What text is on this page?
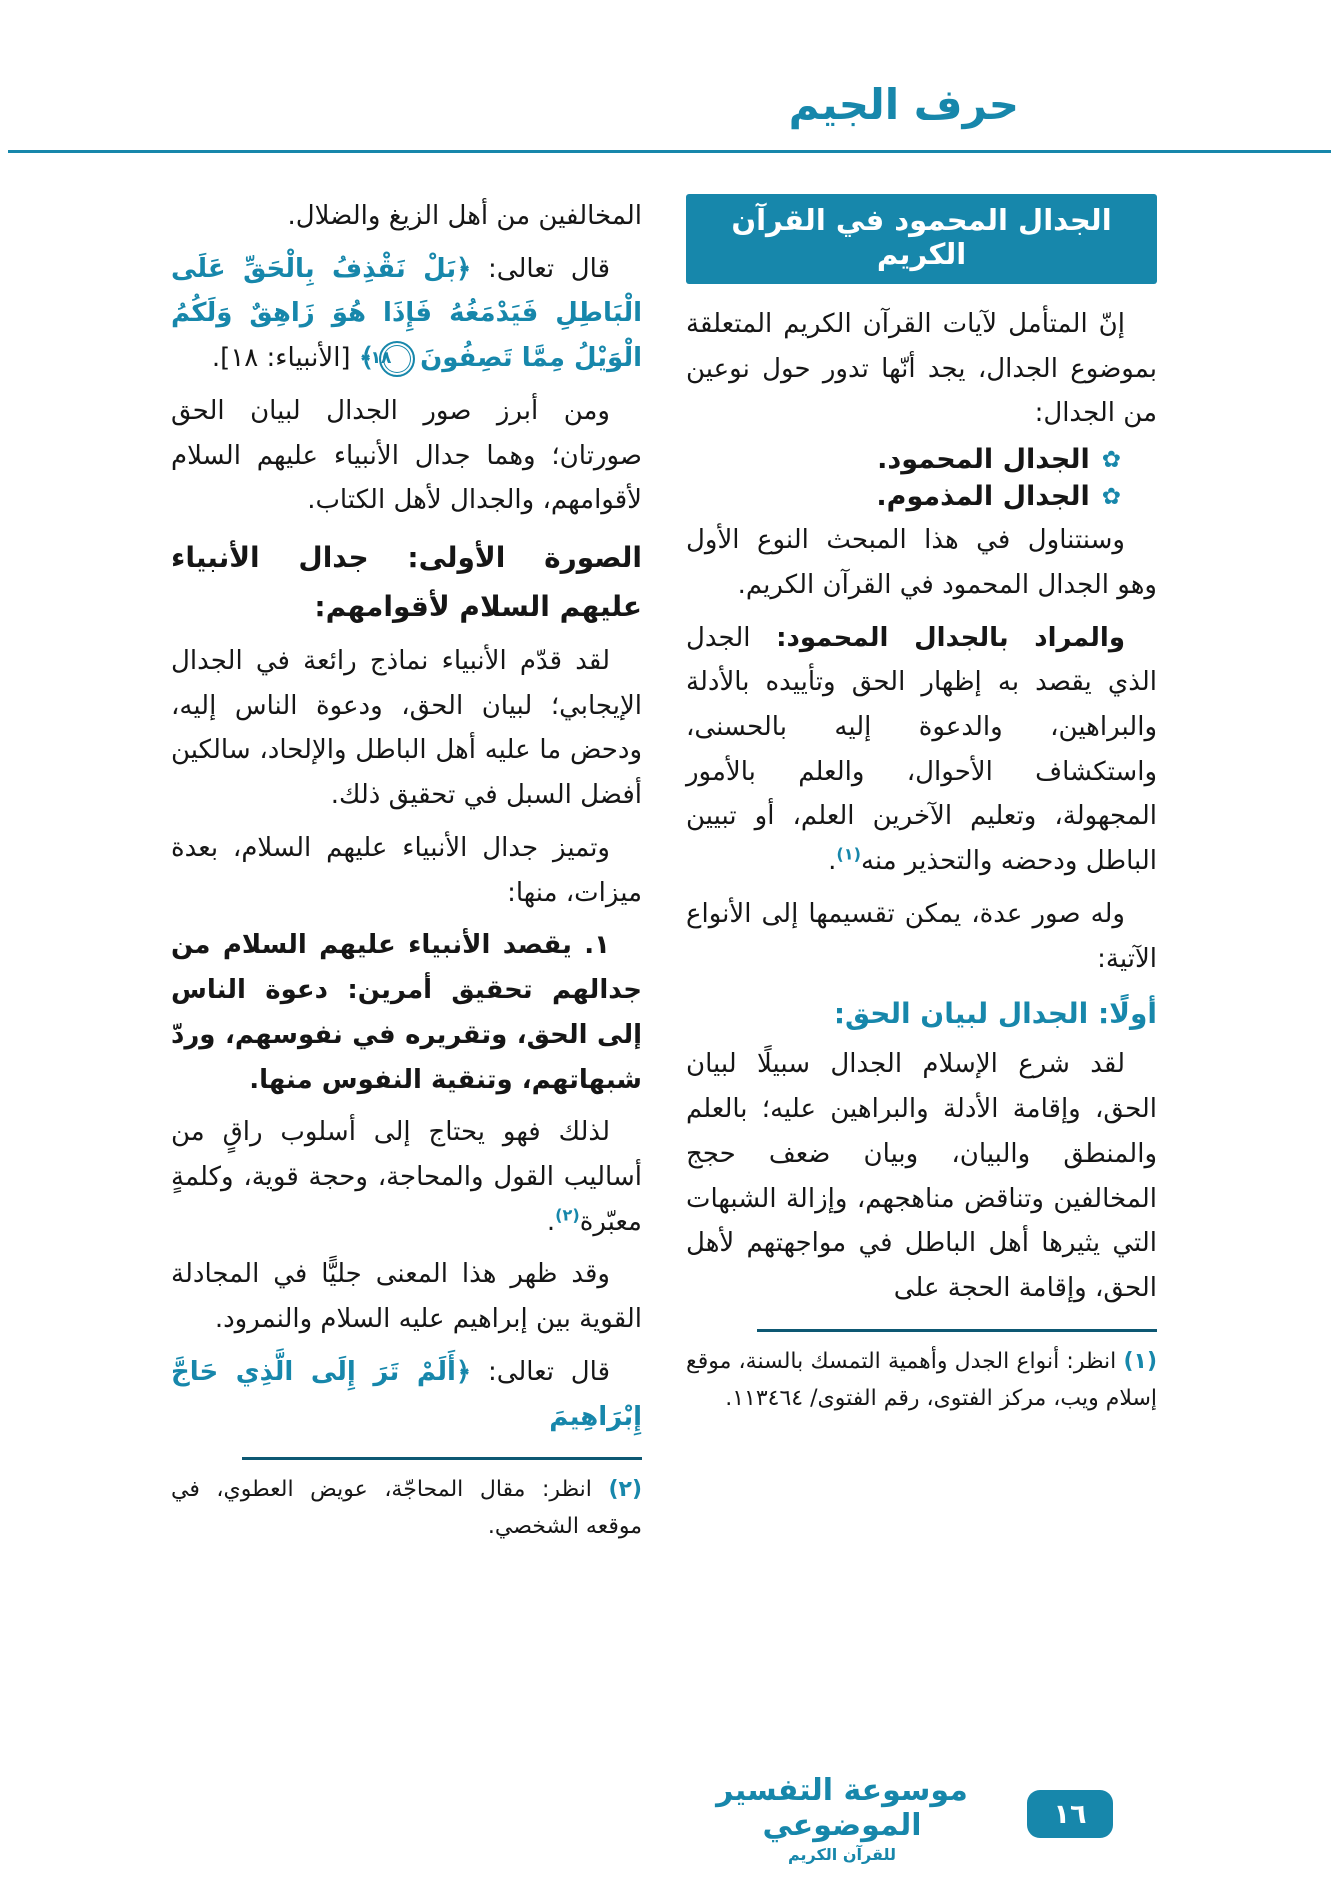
حرف الجيم
الجدال المحمود في القرآن الكريم

إنّ المتأمل لآيات القرآن الكريم المتعلقة بموضوع الجدال، يجد أنّها تدور حول نوعين من الجدال:

✿
الجدال المحمود.
✿
الجدال المذموم.

وسنتناول في هذا المبحث النوع الأول وهو الجدال المحمود في القرآن الكريم.

والمراد بالجدال المحمود: الجدل الذي يقصد به إظهار الحق وتأييده بالأدلة والبراهين، والدعوة إليه بالحسنى، واستكشاف الأحوال، والعلم بالأمور المجهولة، وتعليم الآخرين العلم، أو تبيين الباطل ودحضه والتحذير منه$^{(١)}$.

وله صور عدة، يمكن تقسيمها إلى الأنواع الآتية:

أولًا: الجدال لبيان الحق:

لقد شرع الإسلام الجدال سبيلًا لبيان الحق، وإقامة الأدلة والبراهين عليه؛ بالعلم والمنطق والبيان، وبيان ضعف حجج المخالفين وتناقض مناهجهم، وإزالة الشبهات التي يثيرها أهل الباطل في مواجهتهم لأهل الحق، وإقامة الحجة على

(١) انظر: أنواع الجدل وأهمية التمسك بالسنة، موقع إسلام ويب، مركز الفتوى، رقم الفتوى/ ١١٣٤٦٤.

المخالفين من أهل الزيغ والضلال.

قال تعالى: ﴿بَلْ نَقْذِفُ بِالْحَقِّ عَلَى الْبَاطِلِ فَيَدْمَغُهُ فَإِذَا هُوَ زَاهِقٌ وَلَكُمُ الْوَيْلُ مِمَّا تَصِفُونَ
١٨
﴾ [الأنبياء: ١٨].

ومن أبرز صور الجدال لبيان الحق صورتان؛ وهما جدال الأنبياء عليهم السلام لأقوامهم، والجدال لأهل الكتاب.

الصورة الأولى: جدال الأنبياء عليهم السلام لأقوامهم:

لقد قدّم الأنبياء نماذج رائعة في الجدال الإيجابي؛ لبيان الحق، ودعوة الناس إليه، ودحض ما عليه أهل الباطل والإلحاد، سالكين أفضل السبل في تحقيق ذلك.

وتميز جدال الأنبياء عليهم السلام، بعدة ميزات، منها:

١. يقصد الأنبياء عليهم السلام من جدالهم تحقيق أمرين: دعوة الناس إلى الحق، وتقريره في نفوسهم، وردّ شبهاتهم، وتنقية النفوس منها.

لذلك فهو يحتاج إلى أسلوب راقٍ من أساليب القول والمحاجة، وحجة قوية، وكلمةٍ معبّرة$^{(٢)}$.

وقد ظهر هذا المعنى جليًّا في المجادلة القوية بين إبراهيم عليه السلام والنمرود.

قال تعالى: ﴿أَلَمْ تَرَ إِلَى الَّذِي حَاجَّ إِبْرَاهِيمَ

(٢) انظر: مقال المحاجّة، عويض العطوي، في موقعه الشخصي.

موسوعة التفسير الموضوعي
للقرآن الكريم
١٦
